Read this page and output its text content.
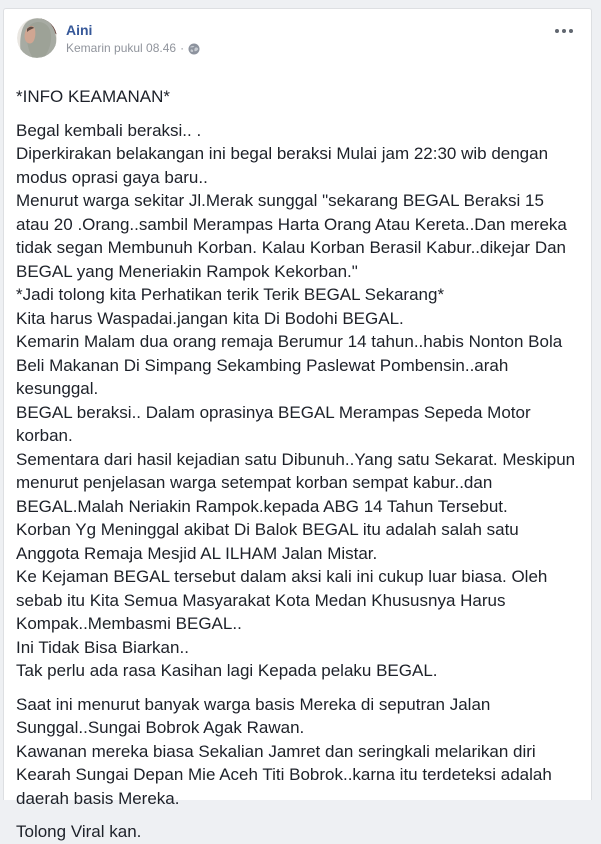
Aini
Kemarin pukul 08.46 ·

*INFO KEAMANAN*

Begal kembali beraksi.. .
Diperkirakan belakangan ini begal beraksi Mulai jam 22:30 wib dengan modus oprasi gaya baru..
Menurut warga sekitar Jl.Merak sunggal "sekarang BEGAL Beraksi 15 atau 20 .Orang..sambil Merampas Harta Orang Atau Kereta..Dan mereka tidak segan Membunuh Korban. Kalau Korban Berasil Kabur..dikejar Dan BEGAL yang Meneriakin Rampok Kekorban."
*Jadi tolong kita Perhatikan terik Terik BEGAL Sekarang*
Kita harus Waspadai.jangan kita Di Bodohi BEGAL.
Kemarin Malam dua orang remaja Berumur 14 tahun..habis Nonton Bola Beli Makanan Di Simpang Sekambing Paslewat Pombensin..arah kesunggal.
BEGAL beraksi.. Dalam oprasinya BEGAL Merampas Sepeda Motor korban.
Sementara dari hasil kejadian satu Dibunuh..Yang satu Sekarat. Meskipun menurut penjelasan warga setempat korban sempat kabur..dan BEGAL.Malah Neriakin Rampok.kepada ABG 14 Tahun Tersebut.
Korban Yg Meninggal akibat Di Balok BEGAL itu adalah salah satu Anggota Remaja Mesjid AL ILHAM Jalan Mistar.
Ke Kejaman BEGAL tersebut dalam aksi kali ini cukup luar biasa. Oleh sebab itu Kita Semua Masyarakat Kota Medan Khususnya Harus Kompak..Membasmi BEGAL..
Ini Tidak Bisa Biarkan..
Tak perlu ada rasa Kasihan lagi Kepada pelaku BEGAL.

Saat ini menurut banyak warga basis Mereka di seputran Jalan Sunggal..Sungai Bobrok Agak Rawan.
Kawanan mereka biasa Sekalian Jamret dan seringkali melarikan diri Kearah Sungai Depan Mie Aceh Titi Bobrok..karna itu terdeteksi adalah daerah basis Mereka.

Tolong Viral kan.
